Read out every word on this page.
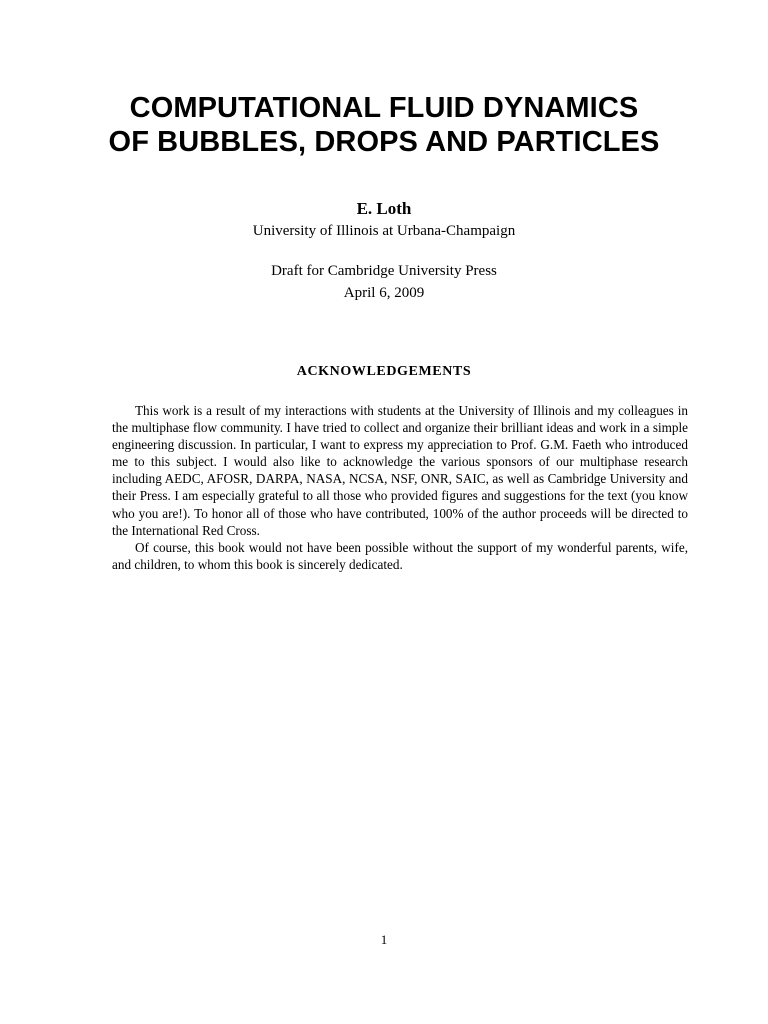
COMPUTATIONAL FLUID DYNAMICS
OF BUBBLES, DROPS AND PARTICLES
E. Loth
University of Illinois at Urbana-Champaign
Draft for Cambridge University Press
April 6, 2009
ACKNOWLEDGEMENTS

This work is a result of my interactions with students at the University of Illinois and my colleagues in the multiphase flow community. I have tried to collect and organize their brilliant ideas and work in a simple engineering discussion. In particular, I want to express my appreciation to Prof. G.M. Faeth who introduced me to this subject. I would also like to acknowledge the various sponsors of our multiphase research including AEDC, AFOSR, DARPA, NASA, NCSA, NSF, ONR, SAIC, as well as Cambridge University and their Press. I am especially grateful to all those who provided figures and suggestions for the text (you know who you are!). To honor all of those who have contributed, 100% of the author proceeds will be directed to the International Red Cross.

Of course, this book would not have been possible without the support of my wonderful parents, wife, and children, to whom this book is sincerely dedicated.

1
